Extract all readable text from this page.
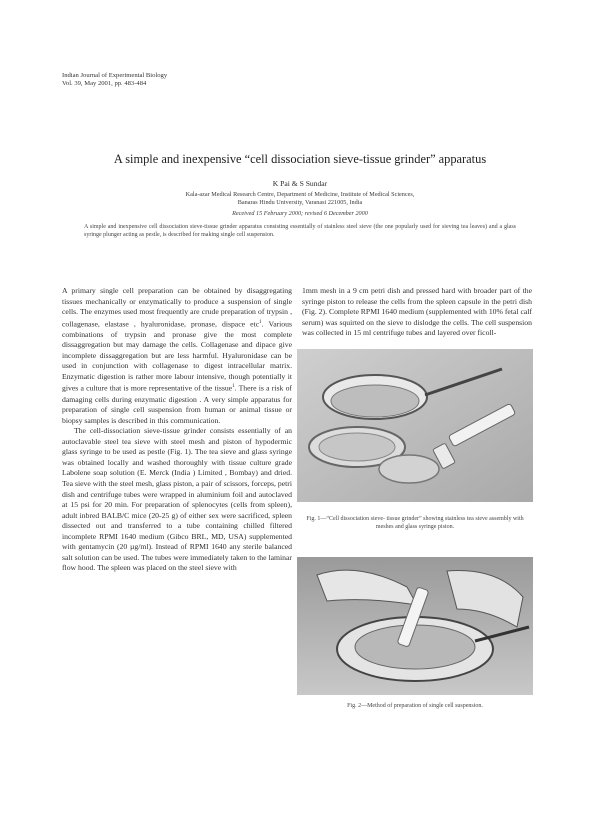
Indian Journal of Experimental Biology
Vol. 39, May 2001, pp. 483-484
A simple and inexpensive “cell dissociation sieve-tissue grinder” apparatus
K Pai & S Sundar
Kala-azar Medical Research Centre, Department of Medicine, Institute of Medical Sciences,
Banaras Hindu University, Varanasi 221005, India
Received 15 February 2000; revised 6 December 2000
A simple and inexpensive cell dissociation sieve-tissue grinder apparatus consisting essentially of stainless steel sieve (the one popularly used for sieving tea leaves) and a glass syringe plunger acting as pestle, is described for making single cell suspension.

A primary single cell preparation can be obtained by disaggregating tissues mechanically or enzymatically to produce a suspension of single cells. The enzymes used most frequently are crude preparation of trypsin , collagenase, elastase , hyaluronidase, pronase, dispace etc$^1$. Various combinations of trypsin and pronase give the most complete dissaggregation but may damage the cells. Collagenase and dipace give incomplete dissaggregation but are less harmful. Hyaluronidase can be used in conjunction with collagenase to digest intracellular matrix. Enzymatic digestion is rather more labour intensive, though potentially it gives a culture that is more representative of the tissue$^1$. There is a risk of damaging cells during enzymatic digestion . A very simple apparatus for preparation of single cell suspension from human or animal tissue or biopsy samples is described in this communication.

The cell-dissociation sieve-tissue grinder consists essentially of an autoclavable steel tea sieve with steel mesh and piston of hypodermic glass syringe to be used as pestle (Fig. 1). The tea sieve and glass syringe was obtained locally and washed thoroughly with tissue culture grade Labolene soap solution (E. Merck (India ) Limited , Bombay) and dried. Tea sieve with the steel mesh, glass piston, a pair of scissors, forceps, petri dish and centrifuge tubes were wrapped in aluminium foil and autoclaved at 15 psi for 20 min. For preparation of splenocytes (cells from spleen), adult inbred BALB/C mice (20-25 g) of either sex were sacrificed, spleen dissected out and transferred to a tube containing chilled filtered incomplete RPMI 1640 medium (Gibco BRL, MD, USA) supplemented with gentamycin (20 µg/ml). Instead of RPMI 1640 any sterile balanced salt solution can be used. The tubes were immediately taken to the laminar flow hood. The spleen was placed on the steel sieve with

1mm mesh in a 9 cm petri dish and pressed hard with broader part of the syringe piston to release the cells from the spleen capsule in the petri dish (Fig. 2). Complete RPMI 1640 medium (supplemented with 10% fetal calf serum) was squirted on the sieve to dislodge the cells. The cell suspension was collected in 15 ml centrifuge tubes and layered over ficoll-

Fig. 1—“Cell dissociation sieve- tissue grinder” showing stainless tea sieve assembly with meshes and glass syringe piston.
Fig. 2—Method of preparation of single cell suspension.
